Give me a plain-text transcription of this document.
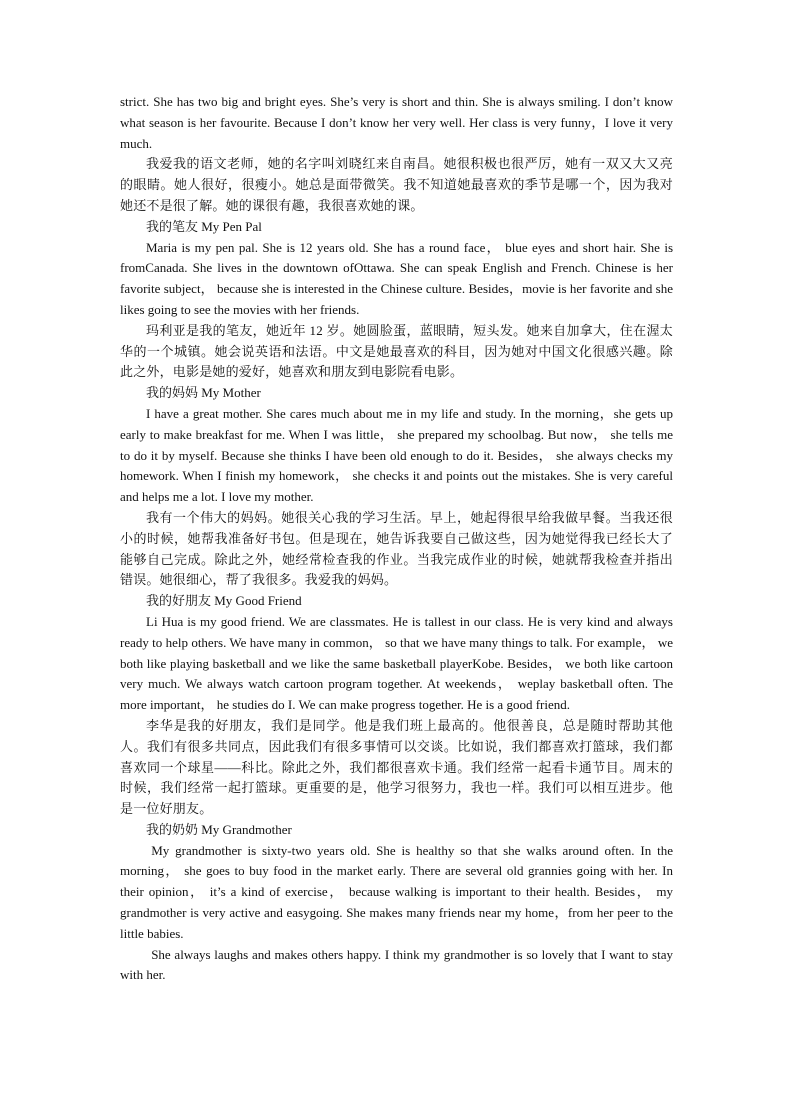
strict. She has two big and bright eyes. She’s very is short and thin. She is always smiling. I don’t know what season is her favourite. Because I don’t know her very well. Her class is very funny，I love it very much.

我爱我的语文老师，她的名字叫刘晓红来自南昌。她很积极也很严厉，她有一双又大又亮的眼睛。她人很好，很瘦小。她总是面带微笑。我不知道她最喜欢的季节是哪一个，因为我对她还不是很了解。她的课很有趣，我很喜欢她的课。

我的笔友 My Pen Pal

Maria is my pen pal. She is 12 years old. She has a round face， blue eyes and short hair. She is fromCanada. She lives in the downtown ofOttawa. She can speak English and French. Chinese is her favorite subject， because she is interested in the Chinese culture. Besides，movie is her favorite and she likes going to see the movies with her friends.

玛利亚是我的笔友，她近年 12 岁。她圆脸蛋，蓝眼睛，短头发。她来自加拿大，住在渥太华的一个城镇。她会说英语和法语。中文是她最喜欢的科目，因为她对中国文化很感兴趣。除此之外，电影是她的爱好，她喜欢和朋友到电影院看电影。

我的妈妈 My Mother

I have a great mother. She cares much about me in my life and study. In the morning，she gets up early to make breakfast for me. When I was little， she prepared my schoolbag. But now， she tells me to do it by myself. Because she thinks I have been old enough to do it. Besides， she always checks my homework. When I finish my homework， she checks it and points out the mistakes. She is very careful and helps me a lot. I love my mother.

我有一个伟大的妈妈。她很关心我的学习生活。早上，她起得很早给我做早餐。当我还很小的时候，她帮我准备好书包。但是现在，她告诉我要自己做这些，因为她觉得我已经长大了能够自己完成。除此之外，她经常检查我的作业。当我完成作业的时候，她就帮我检查并指出错误。她很细心，帮了我很多。我爱我的妈妈。

我的好朋友 My Good Friend

Li Hua is my good friend. We are classmates. He is tallest in our class. He is very kind and always ready to help others. We have many in common， so that we have many things to talk. For example， we both like playing basketball and we like the same basketball playerKobe. Besides， we both like cartoon very much. We always watch cartoon program together. At weekends， weplay basketball often. The more important， he studies do I. We can make progress together. He is a good friend.

李华是我的好朋友，我们是同学。他是我们班上最高的。他很善良，总是随时帮助其他人。我们有很多共同点，因此我们有很多事情可以交谈。比如说，我们都喜欢打篮球，我们都喜欢同一个球星——科比。除此之外，我们都很喜欢卡通。我们经常一起看卡通节目。周末的时候，我们经常一起打篮球。更重要的是，他学习很努力，我也一样。我们可以相互进步。他是一位好朋友。

我的奶奶 My Grandmother

My grandmother is sixty-two years old. She is healthy so that she walks around often. In the morning， she goes to buy food in the market early. There are several old grannies going with her. In their opinion， it’s a kind of exercise， because walking is important to their health. Besides， my grandmother is very active and easygoing. She makes many friends near my home，from her peer to the little babies.

She always laughs and makes others happy. I think my grandmother is so lovely that I want to stay with her.
